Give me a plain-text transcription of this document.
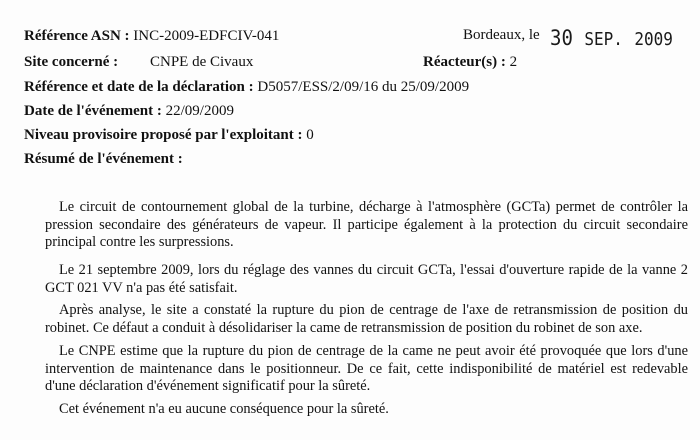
Référence ASN : INC-2009-EDFCIV-041	Bordeaux, le 30 SEP. 2009
Site concerné : CNPE de Civaux	Réacteur(s) : 2
Référence et date de la déclaration : D5057/ESS/2/09/16 du 25/09/2009
Date de l'événement : 22/09/2009
Niveau provisoire proposé par l'exploitant : 0
Résumé de l'événement :

Le circuit de contournement global de la turbine, décharge à l'atmosphère (GCTa) permet de contrôler la pression secondaire des générateurs de vapeur. Il participe également à la protection du circuit secondaire principal contre les surpressions.

Le 21 septembre 2009, lors du réglage des vannes du circuit GCTa, l'essai d'ouverture rapide de la vanne 2 GCT 021 VV n'a pas été satisfait.

Après analyse, le site a constaté la rupture du pion de centrage de l'axe de retransmission de position du robinet. Ce défaut a conduit à désolidariser la came de retransmission de position du robinet de son axe.

Le CNPE estime que la rupture du pion de centrage de la came ne peut avoir été provoquée que lors d'une intervention de maintenance dans le positionneur. De ce fait, cette indisponibilité de matériel est redevable d'une déclaration d'événement significatif pour la sûreté.

Cet événement n'a eu aucune conséquence pour la sûreté.
